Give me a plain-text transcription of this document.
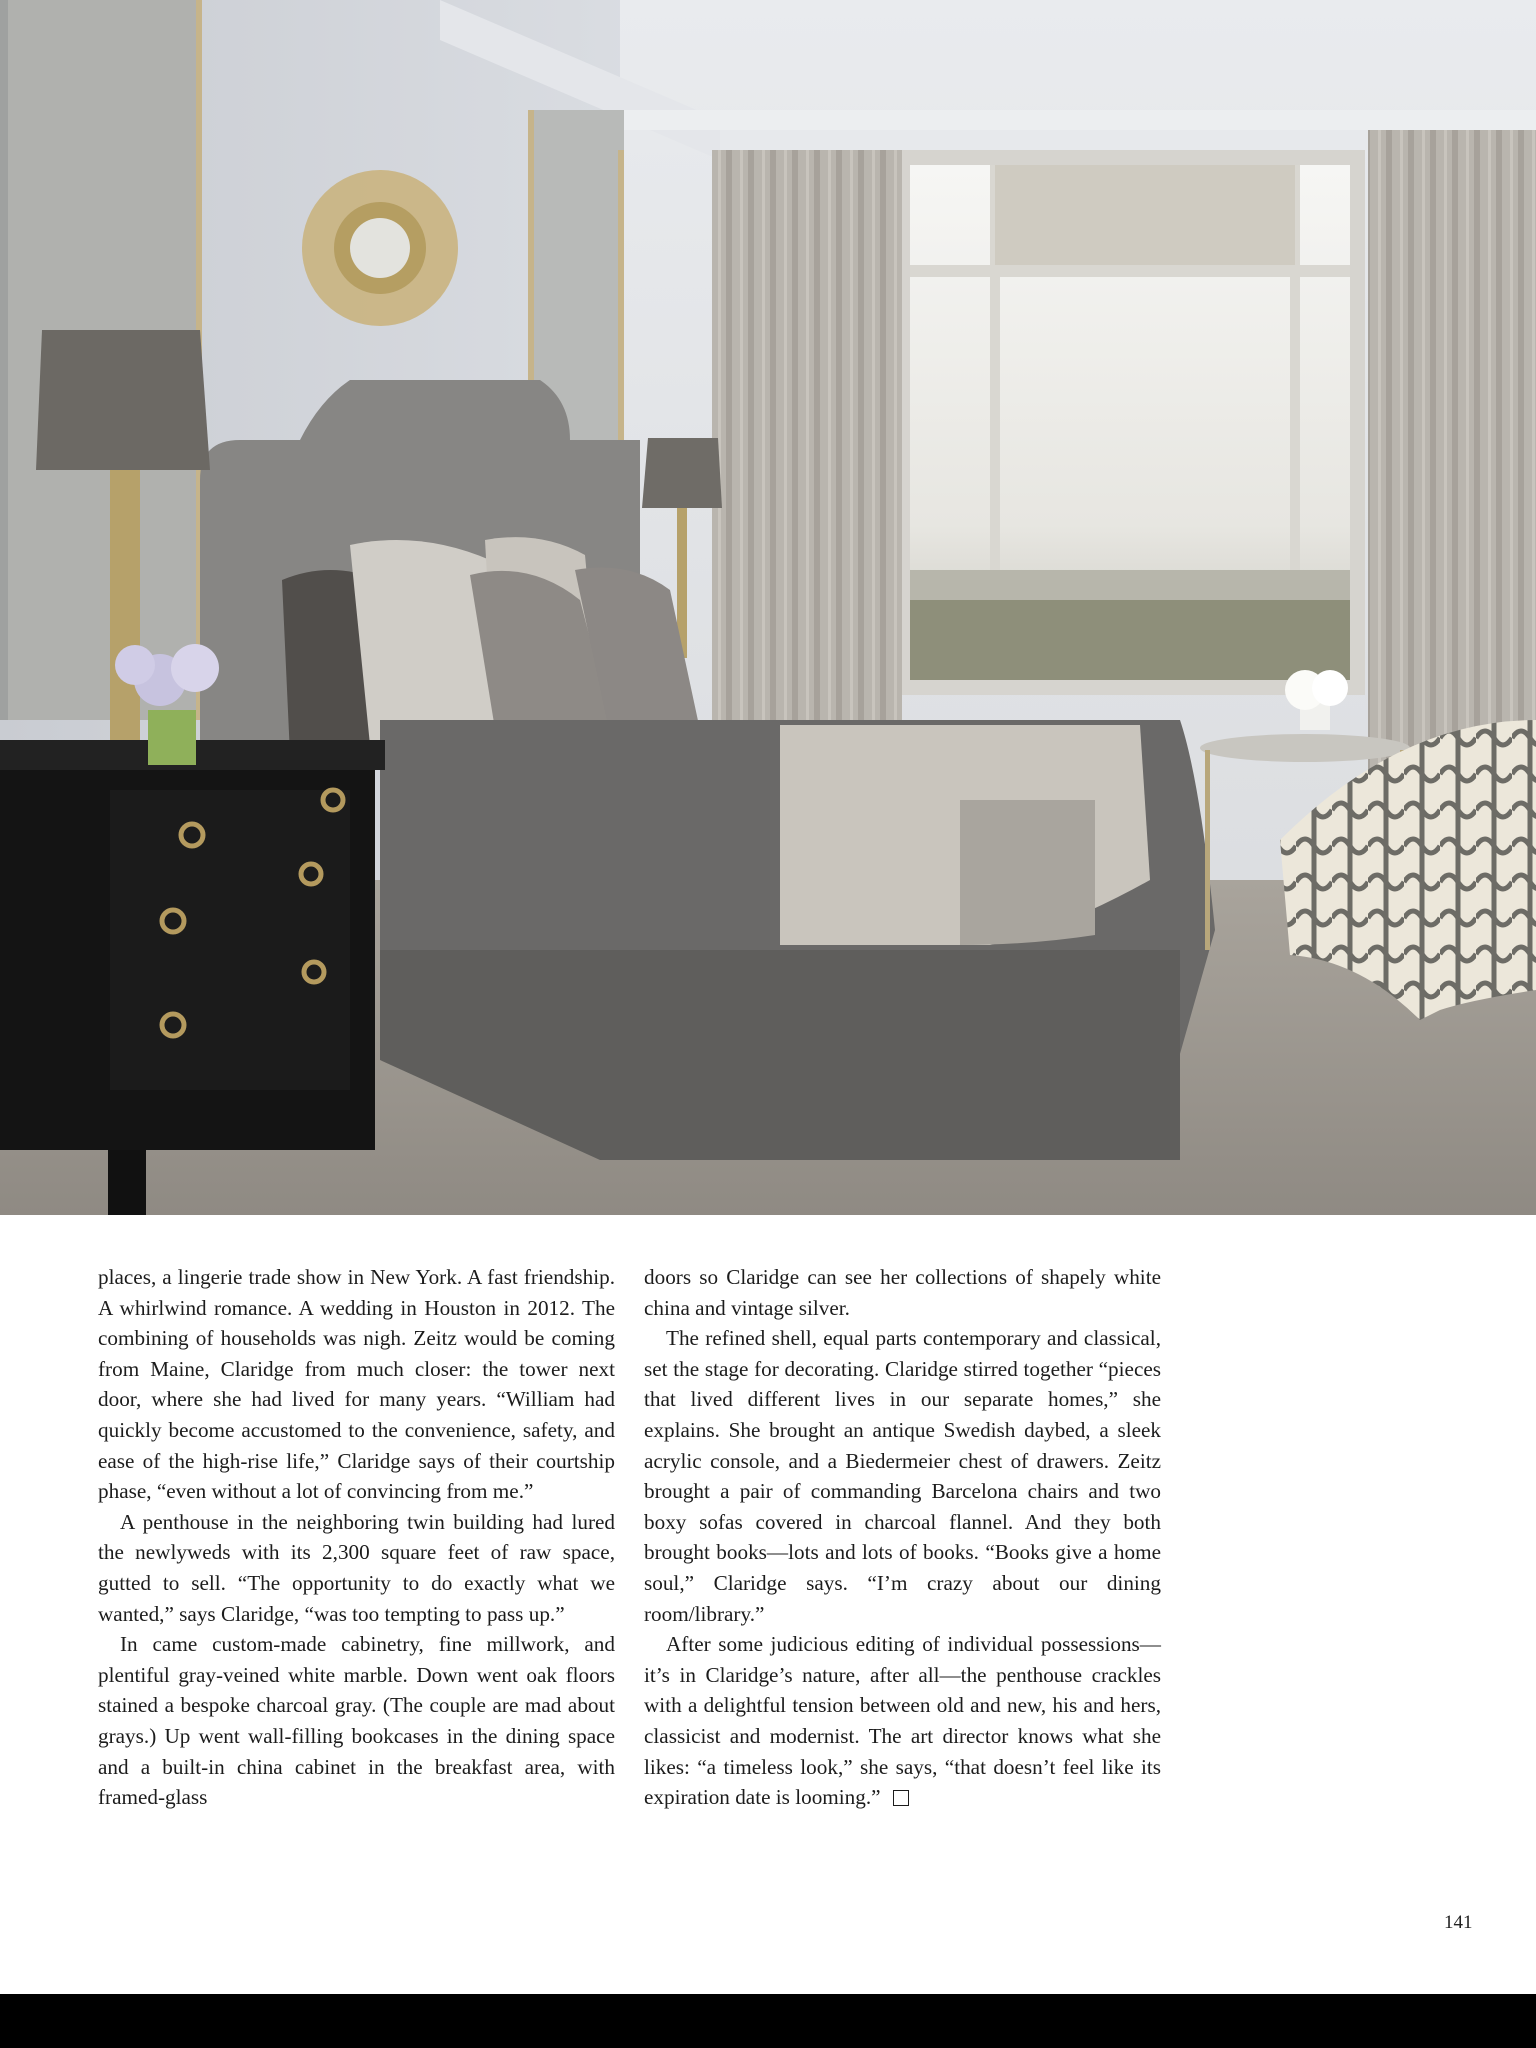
places, a lingerie trade show in New York. A fast friendship. A whirlwind romance. A wedding in Houston in 2012. The combining of households was nigh. Zeitz would be coming from Maine, Claridge from much closer: the tower next door, where she had lived for many years. “William had quickly become accustomed to the convenience, safety, and ease of the high-rise life,” Claridge says of their courtship phase, “even without a lot of convincing from me.”

A penthouse in the neighboring twin building had lured the newlyweds with its 2,300 square feet of raw space, gutted to sell. “The opportunity to do exactly what we wanted,” says Claridge, “was too tempting to pass up.”

In came custom-made cabinetry, fine millwork, and plentiful gray-veined white marble. Down went oak floors stained a bespoke charcoal gray. (The couple are mad about grays.) Up went wall-filling bookcases in the dining space and a built-in china cabinet in the breakfast area, with framed-glass

doors so Claridge can see her collections of shapely white china and vintage silver.

The refined shell, equal parts contemporary and classical, set the stage for decorating. Claridge stirred together “pieces that lived different lives in our separate homes,” she explains. She brought an antique Swedish daybed, a sleek acrylic console, and a Biedermeier chest of drawers. Zeitz brought a pair of commanding Barcelona chairs and two boxy sofas covered in charcoal flannel. And they both brought books—lots and lots of books. “Books give a home soul,” Claridge says. “I’m crazy about our dining room/library.”

After some judicious editing of individual possessions—it’s in Claridge’s nature, after all—the penthouse crackles with a delightful tension between old and new, his and hers, classicist and modernist. The art director knows what she likes: “a timeless look,” she says, “that doesn’t feel like its expiration date is looming.”

141
